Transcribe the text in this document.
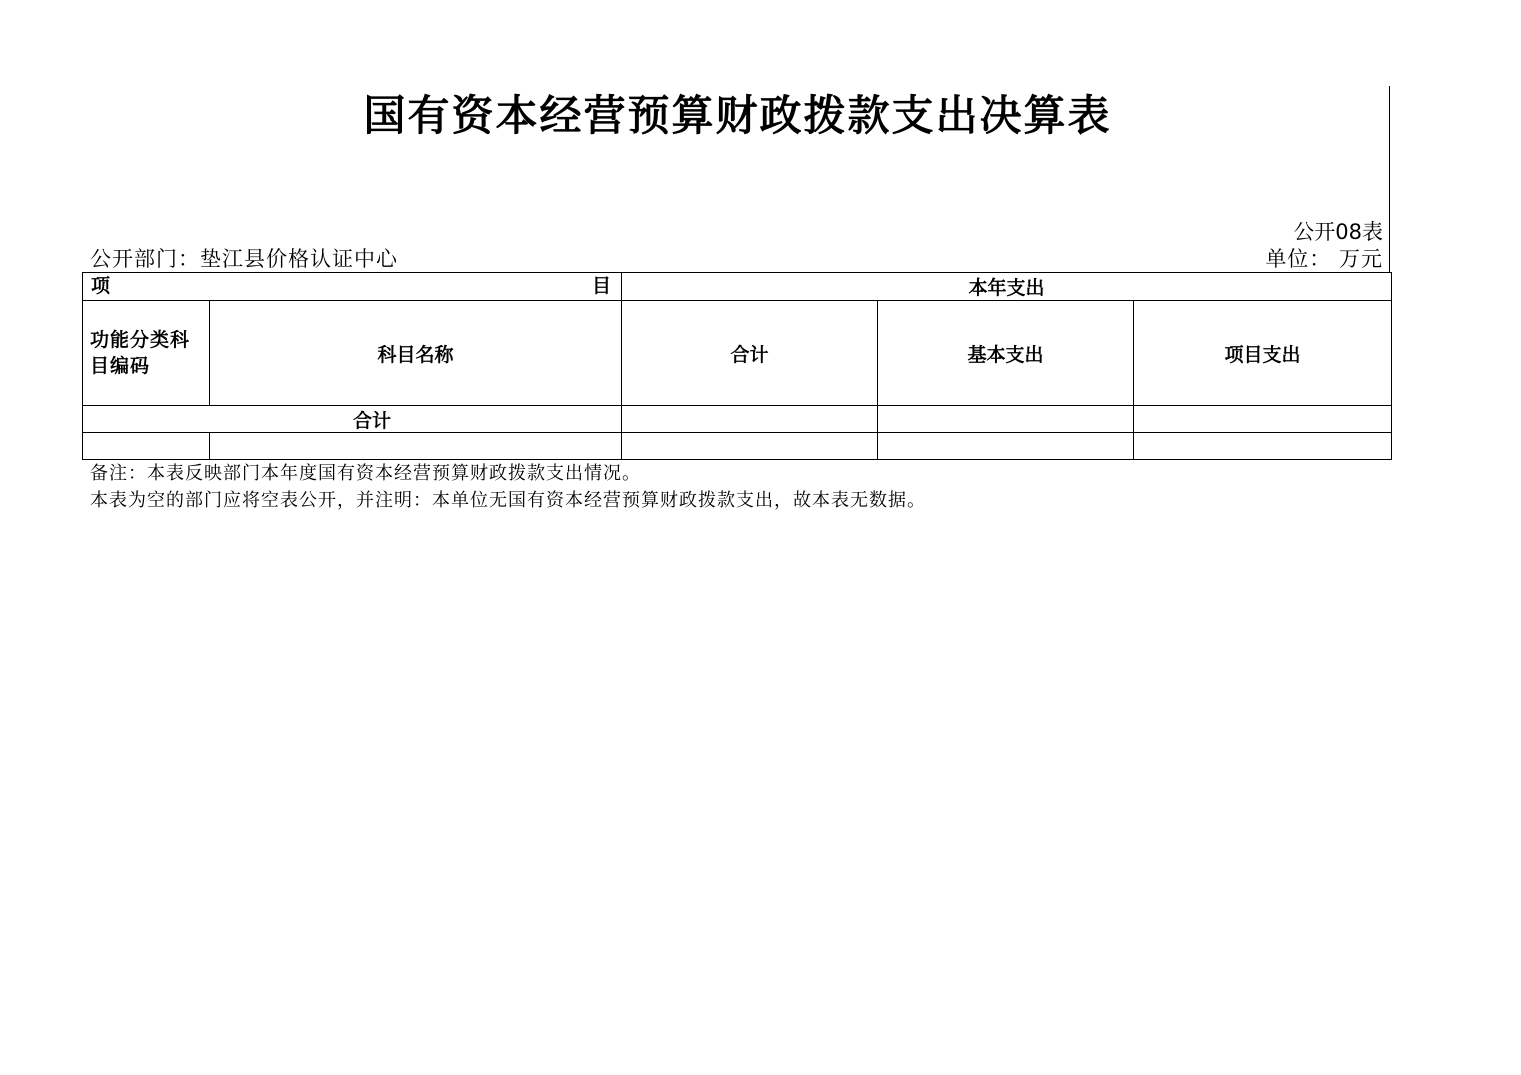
国有资本经营预算财政拨款支出决算表
公开08表
公开部门：垫江县价格认证中心	单位： 万元
项 目		本年支出		
功能分类科目编码	科目名称	合计	基本支出	项目支出
合计				

备注：本表反映部门本年度国有资本经营预算财政拨款支出情况。
本表为空的部门应将空表公开，并注明：本单位无国有资本经营预算财政拨款支出，故本表无数据。
